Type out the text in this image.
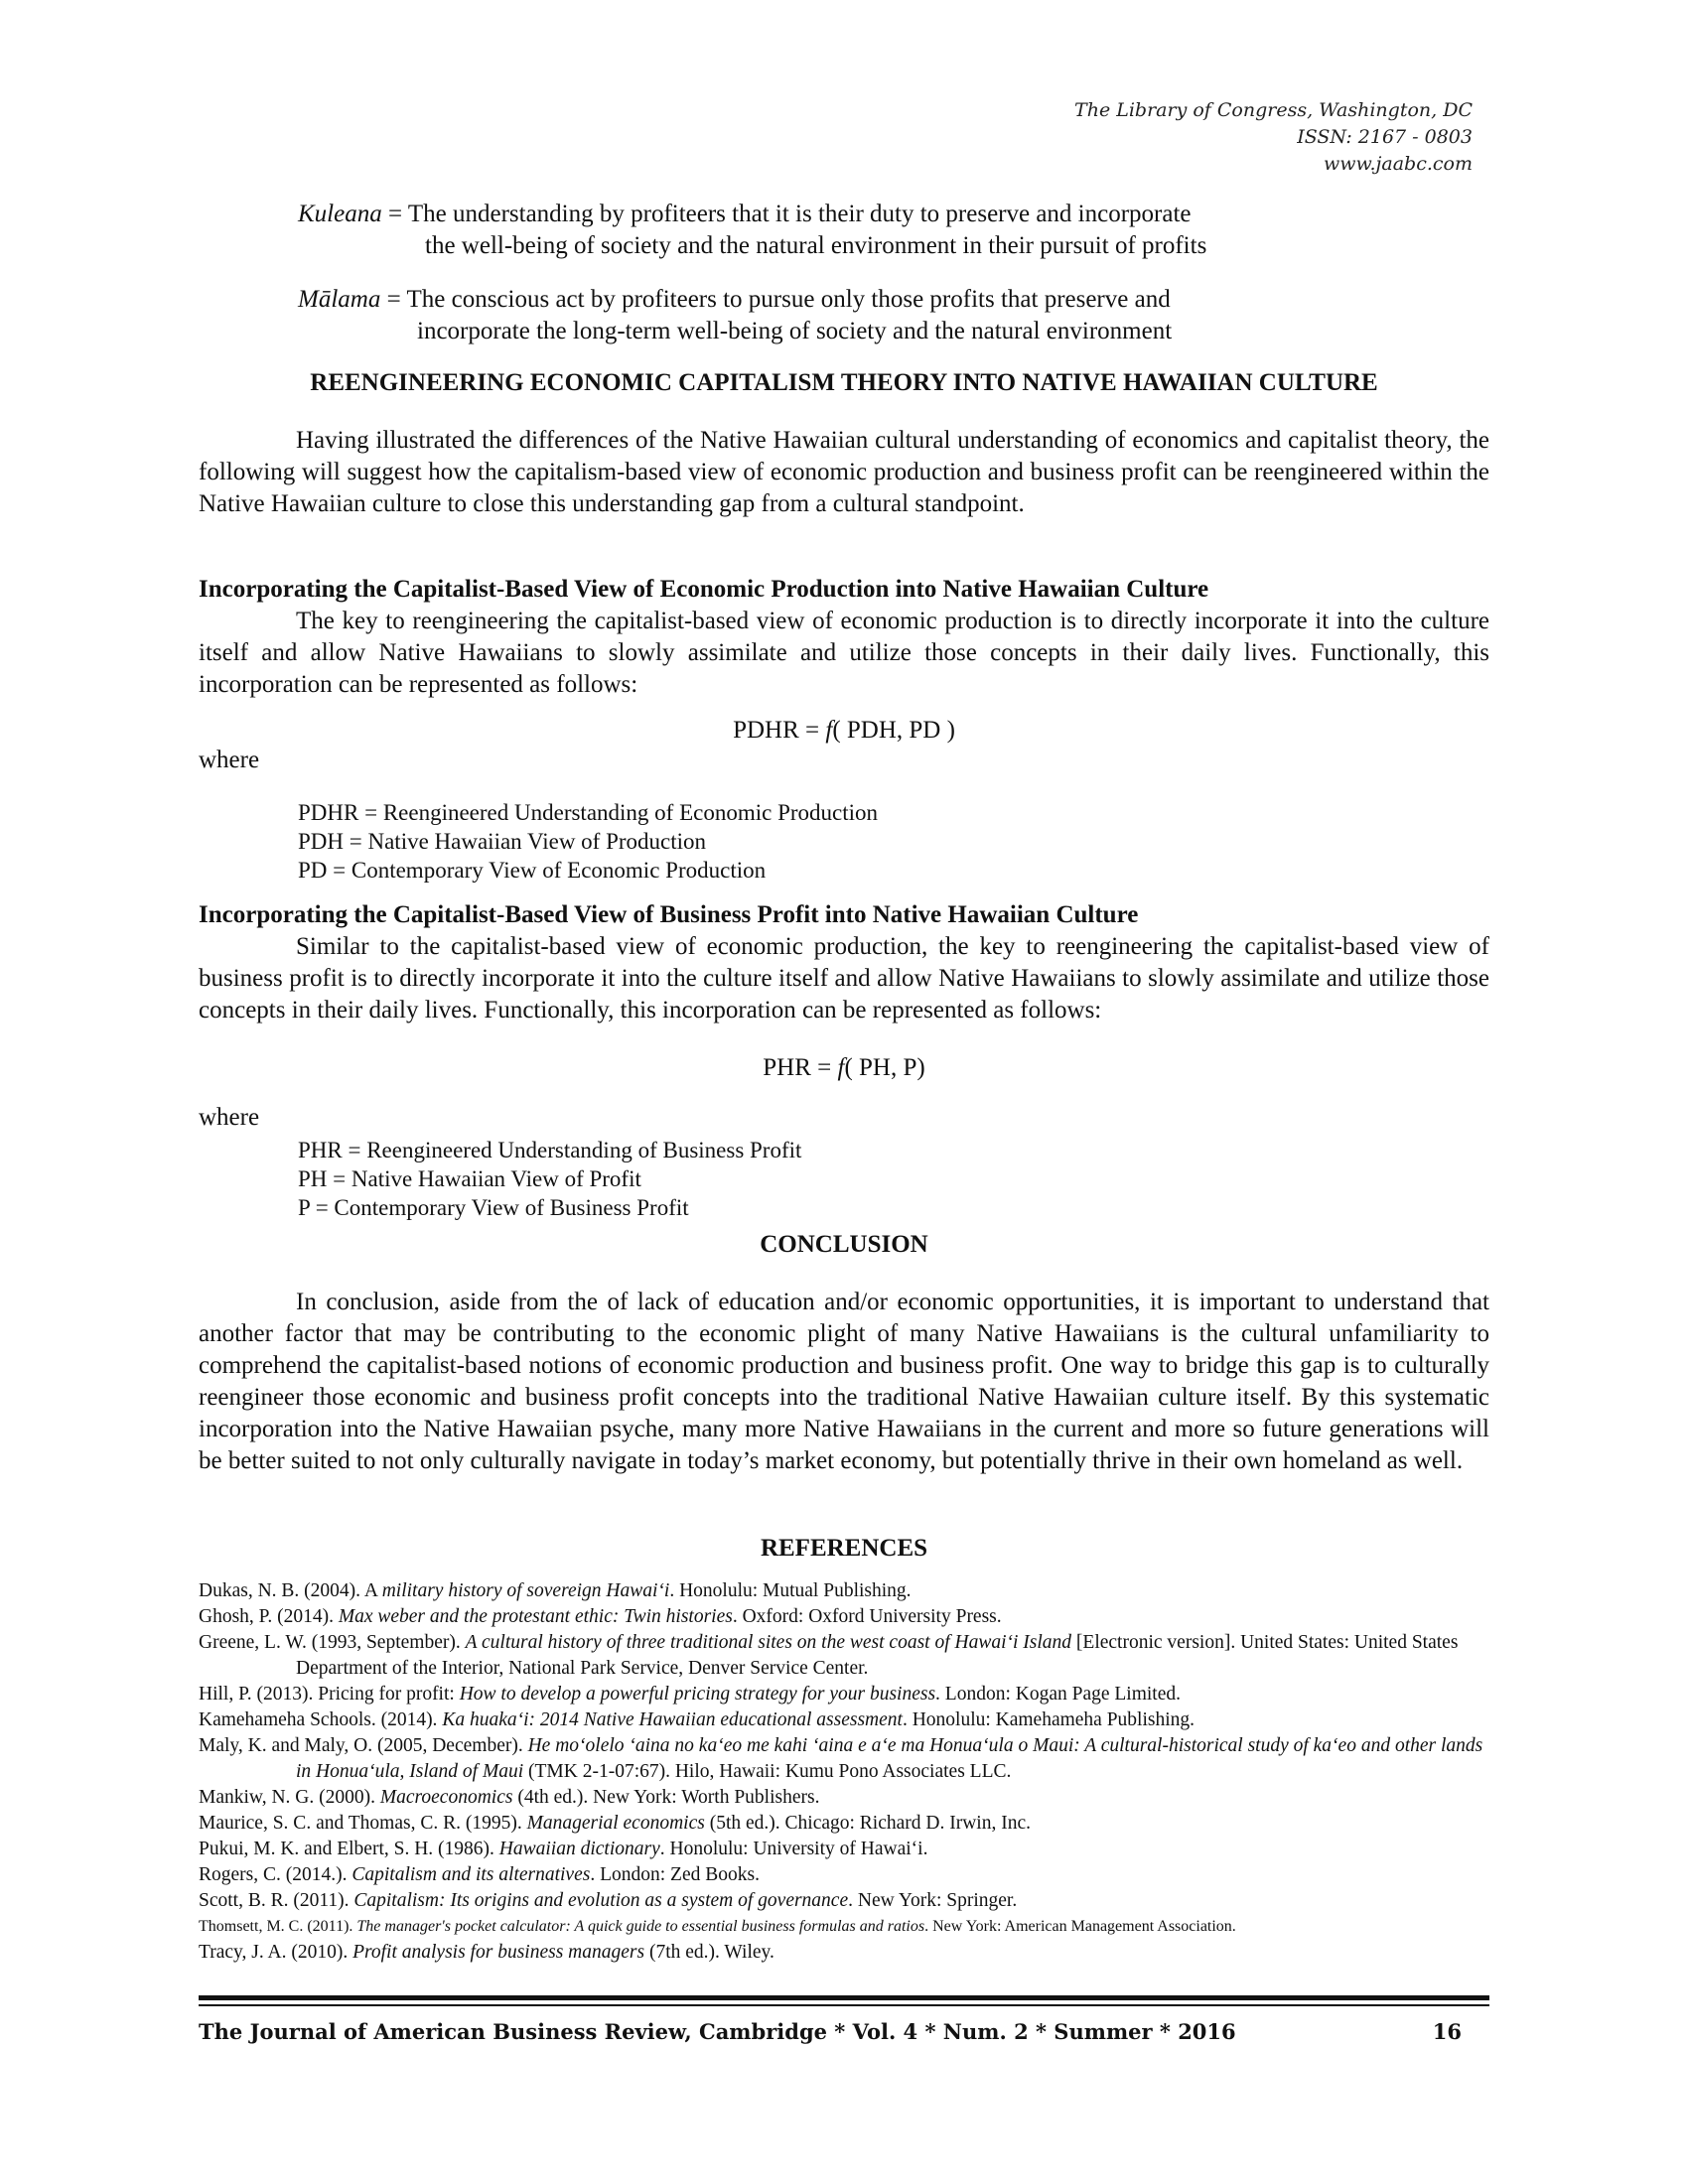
The Library of Congress, Washington, DC
ISSN: 2167 - 0803
www.jaabc.com
Kuleana = The understanding by profiteers that it is their duty to preserve and incorporate
the well-being of society and the natural environment in their pursuit of profits
Mālama = The conscious act by profiteers to pursue only those profits that preserve and
incorporate the long-term well-being of society and the natural environment
REENGINEERING ECONOMIC CAPITALISM THEORY INTO NATIVE HAWAIIAN CULTURE

Having illustrated the differences of the Native Hawaiian cultural understanding of economics and capitalist theory, the following will suggest how the capitalism-based view of economic production and business profit can be reengineered within the Native Hawaiian culture to close this understanding gap from a cultural standpoint.

Incorporating the Capitalist-Based View of Economic Production into Native Hawaiian Culture

The key to reengineering the capitalist-based view of economic production is to directly incorporate it into the culture itself and allow Native Hawaiians to slowly assimilate and utilize those concepts in their daily lives. Functionally, this incorporation can be represented as follows:

PDHR = f( PDH, PD )
where
PDHR = Reengineered Understanding of Economic Production
PDH = Native Hawaiian View of Production
PD = Contemporary View of Economic Production
Incorporating the Capitalist-Based View of Business Profit into Native Hawaiian Culture

Similar to the capitalist-based view of economic production, the key to reengineering the capitalist-based view of business profit is to directly incorporate it into the culture itself and allow Native Hawaiians to slowly assimilate and utilize those concepts in their daily lives. Functionally, this incorporation can be represented as follows:

PHR = f( PH, P)
where
PHR = Reengineered Understanding of Business Profit
PH = Native Hawaiian View of Profit
P = Contemporary View of Business Profit
CONCLUSION

In conclusion, aside from the of lack of education and/or economic opportunities, it is important to understand that another factor that may be contributing to the economic plight of many Native Hawaiians is the cultural unfamiliarity to comprehend the capitalist-based notions of economic production and business profit. One way to bridge this gap is to culturally reengineer those economic and business profit concepts into the traditional Native Hawaiian culture itself. By this systematic incorporation into the Native Hawaiian psyche, many more Native Hawaiians in the current and more so future generations will be better suited to not only culturally navigate in today’s market economy, but potentially thrive in their own homeland as well.

REFERENCES

Dukas, N. B. (2004). A military history of sovereign Hawai‘i. Honolulu: Mutual Publishing.

Ghosh, P. (2014). Max weber and the protestant ethic: Twin histories. Oxford: Oxford University Press.

Greene, L. W. (1993, September). A cultural history of three traditional sites on the west coast of Hawai‘i Island [Electronic version]. United States: United States Department of the Interior, National Park Service, Denver Service Center.

Hill, P. (2013). Pricing for profit: How to develop a powerful pricing strategy for your business. London: Kogan Page Limited.

Kamehameha Schools. (2014). Ka huaka‘i: 2014 Native Hawaiian educational assessment. Honolulu: Kamehameha Publishing.

Maly, K. and Maly, O. (2005, December). He mo‘olelo ‘aina no ka‘eo me kahi ‘aina e a‘e ma Honua‘ula o Maui: A cultural-historical study of ka‘eo and other lands in Honua‘ula, Island of Maui (TMK 2-1-07:67). Hilo, Hawaii: Kumu Pono Associates LLC.

Mankiw, N. G. (2000). Macroeconomics (4th ed.). New York: Worth Publishers.

Maurice, S. C. and Thomas, C. R. (1995). Managerial economics (5th ed.). Chicago: Richard D. Irwin, Inc.

Pukui, M. K. and Elbert, S. H. (1986). Hawaiian dictionary. Honolulu: University of Hawai‘i.

Rogers, C. (2014.). Capitalism and its alternatives. London: Zed Books.

Scott, B. R. (2011). Capitalism: Its origins and evolution as a system of governance. New York: Springer.

Thomsett, M. C. (2011). The manager's pocket calculator: A quick guide to essential business formulas and ratios. New York: American Management Association.

Tracy, J. A. (2010). Profit analysis for business managers (7th ed.). Wiley.

The Journal of American Business Review, Cambridge * Vol. 4 * Num. 2 * Summer * 2016	16
